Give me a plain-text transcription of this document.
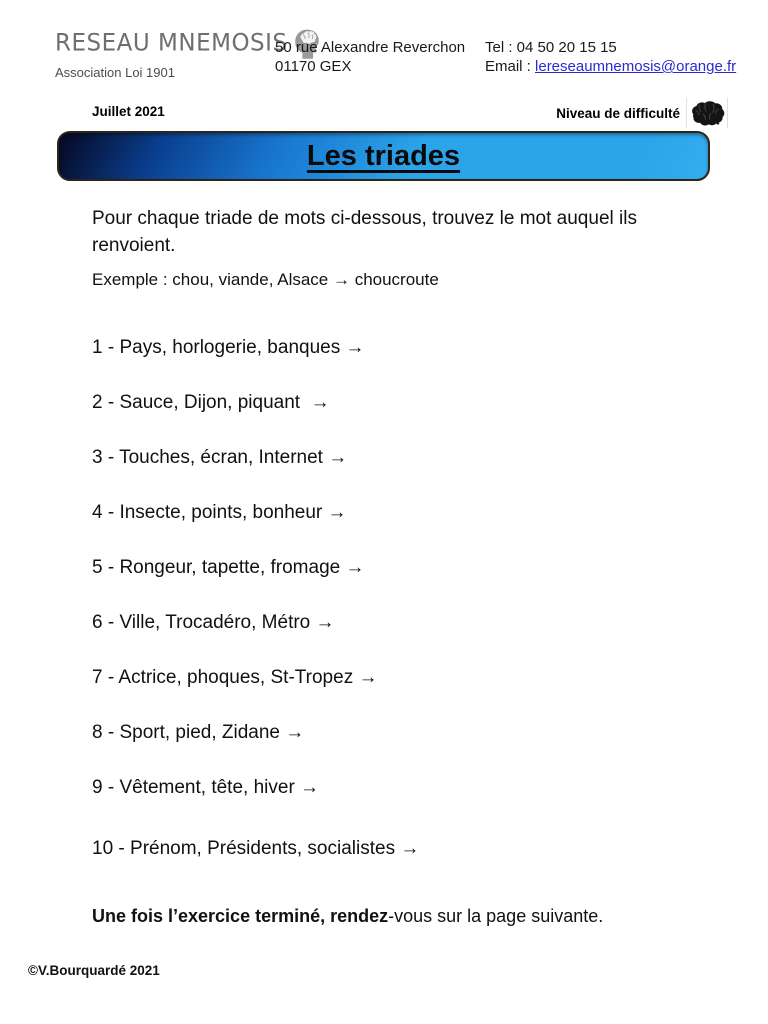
RESEAU MNEMOSIS
Association Loi 1901
50 rue Alexandre Reverchon
01170 GEX
Tel : 04 50 20 15 15
Email : lereseaumnemosis@orange.fr
Juillet 2021	Niveau de difficulté
Les triades

Pour chaque triade de mots ci-dessous, trouvez le mot auquel ils renvoient.

Exemple : chou, viande, Alsace → choucroute

1 - Pays, horlogerie, banques →
2 - Sauce, Dijon, piquant  →
3 - Touches, écran, Internet →
4 - Insecte, points, bonheur →
5 - Rongeur, tapette, fromage →
6 - Ville, Trocadéro, Métro →
7 - Actrice, phoques, St-Tropez →
8 - Sport, pied, Zidane →
9 - Vêtement, tête, hiver →
10 - Prénom, Présidents, socialistes →

Une fois l’exercice terminé, rendez-vous sur la page suivante.

©V.Bourquardé 2021
